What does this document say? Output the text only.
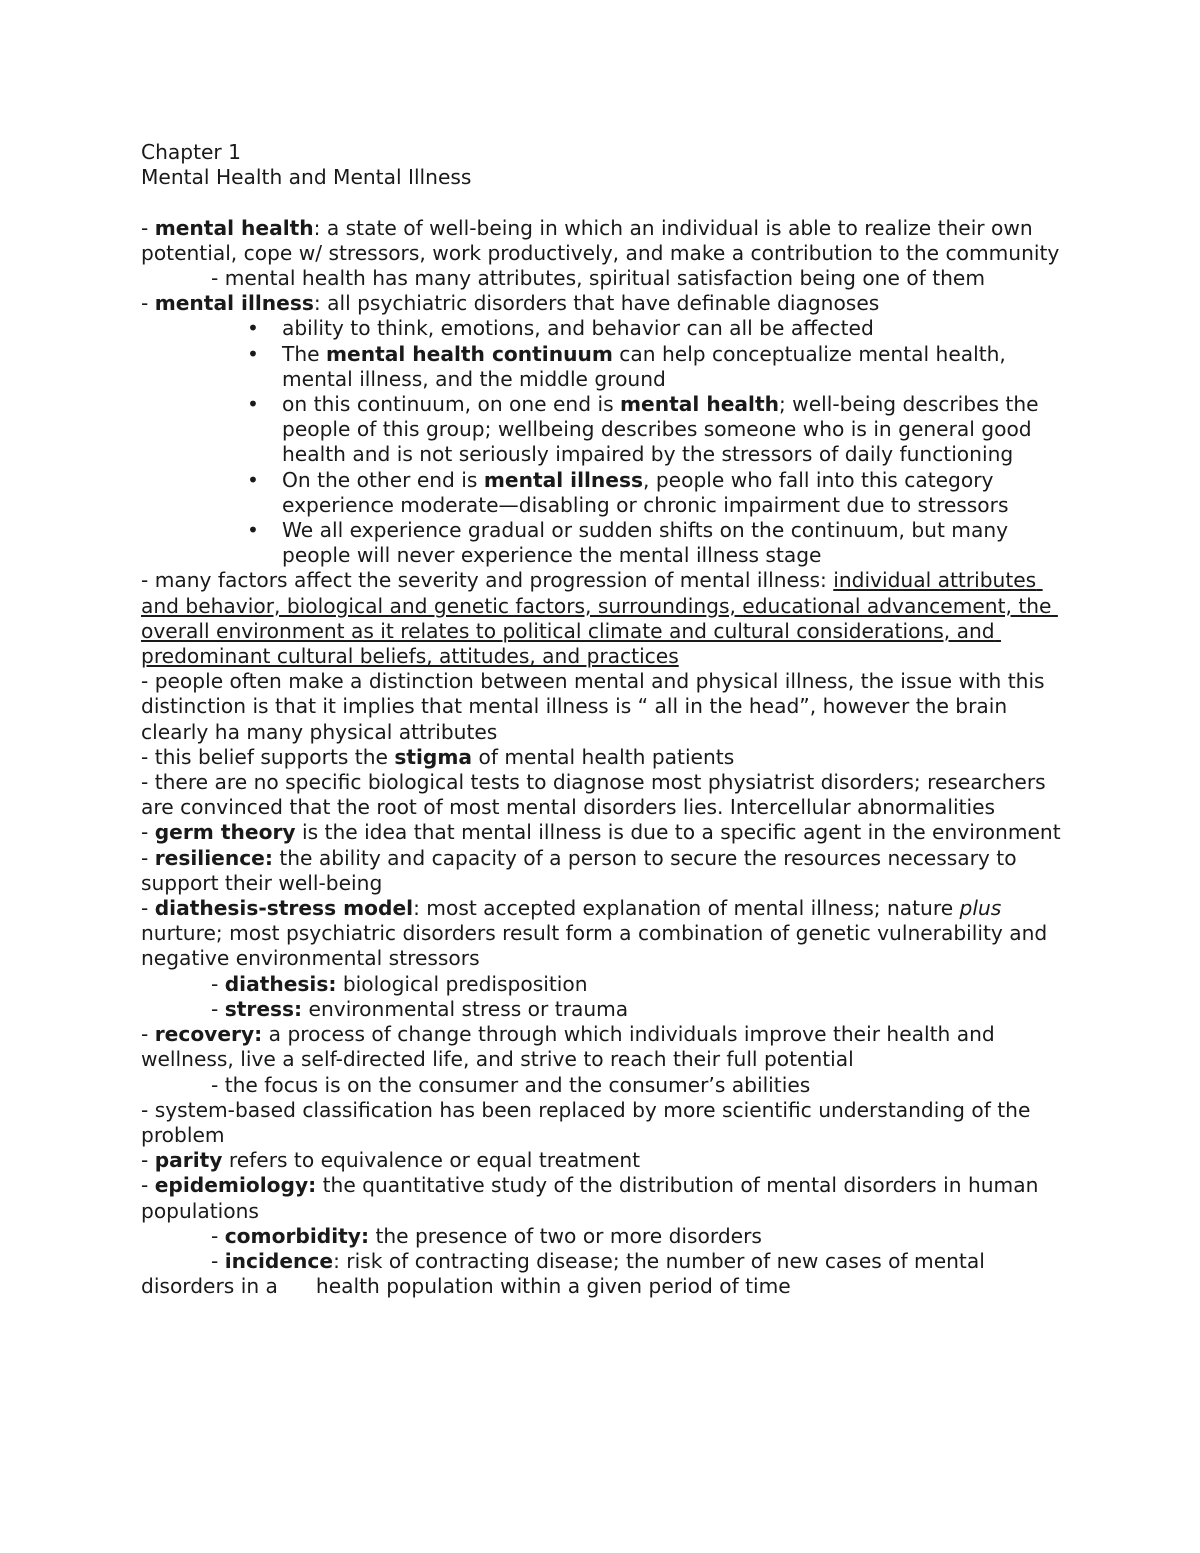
Chapter 1
Mental Health and Mental Illness
- mental health: a state of well-being in which an individual is able to realize their own potential, cope w/ stressors, work productively, and make a contribution to the community
- mental health has many attributes, spiritual satisfaction being one of them
- mental illness: all psychiatric disorders that have definable diagnoses
• ability to think, emotions, and behavior can all be affected
• The mental health continuum can help conceptualize mental health, mental illness, and the middle ground
• on this continuum, on one end is mental health; well-being describes the people of this group; wellbeing describes someone who is in general good health and is not seriously impaired by the stressors of daily functioning
• On the other end is mental illness, people who fall into this category experience moderate—disabling or chronic impairment due to stressors
• We all experience gradual or sudden shifts on the continuum, but many people will never experience the mental illness stage
- many factors affect the severity and progression of mental illness: individual attributes and behavior, biological and genetic factors, surroundings, educational advancement, the overall environment as it relates to political climate and cultural considerations, and predominant cultural beliefs, attitudes, and practices
- people often make a distinction between mental and physical illness, the issue with this distinction is that it implies that mental illness is “ all in the head”, however the brain clearly ha many physical attributes
- this belief supports the stigma of mental health patients
- there are no specific biological tests to diagnose most physiatrist disorders; researchers are convinced that the root of most mental disorders lies. Intercellular abnormalities
- germ theory is the idea that mental illness is due to a specific agent in the environment
- resilience: the ability and capacity of a person to secure the resources necessary to support their well-being
- diathesis-stress model: most accepted explanation of mental illness; nature plus nurture; most psychiatric disorders result form a combination of genetic vulnerability and negative environmental stressors
- diathesis: biological predisposition
- stress: environmental stress or trauma
- recovery: a process of change through which individuals improve their health and wellness, live a self-directed life, and strive to reach their full potential
- the focus is on the consumer and the consumer’s abilities
- system-based classification has been replaced by more scientific understanding of the problem
- parity refers to equivalence or equal treatment
- epidemiology: the quantitative study of the distribution of mental disorders in human populations
- comorbidity: the presence of two or more disorders
- incidence: risk of contracting disease; the number of new cases of mental
disorders in a health population within a given period of time
